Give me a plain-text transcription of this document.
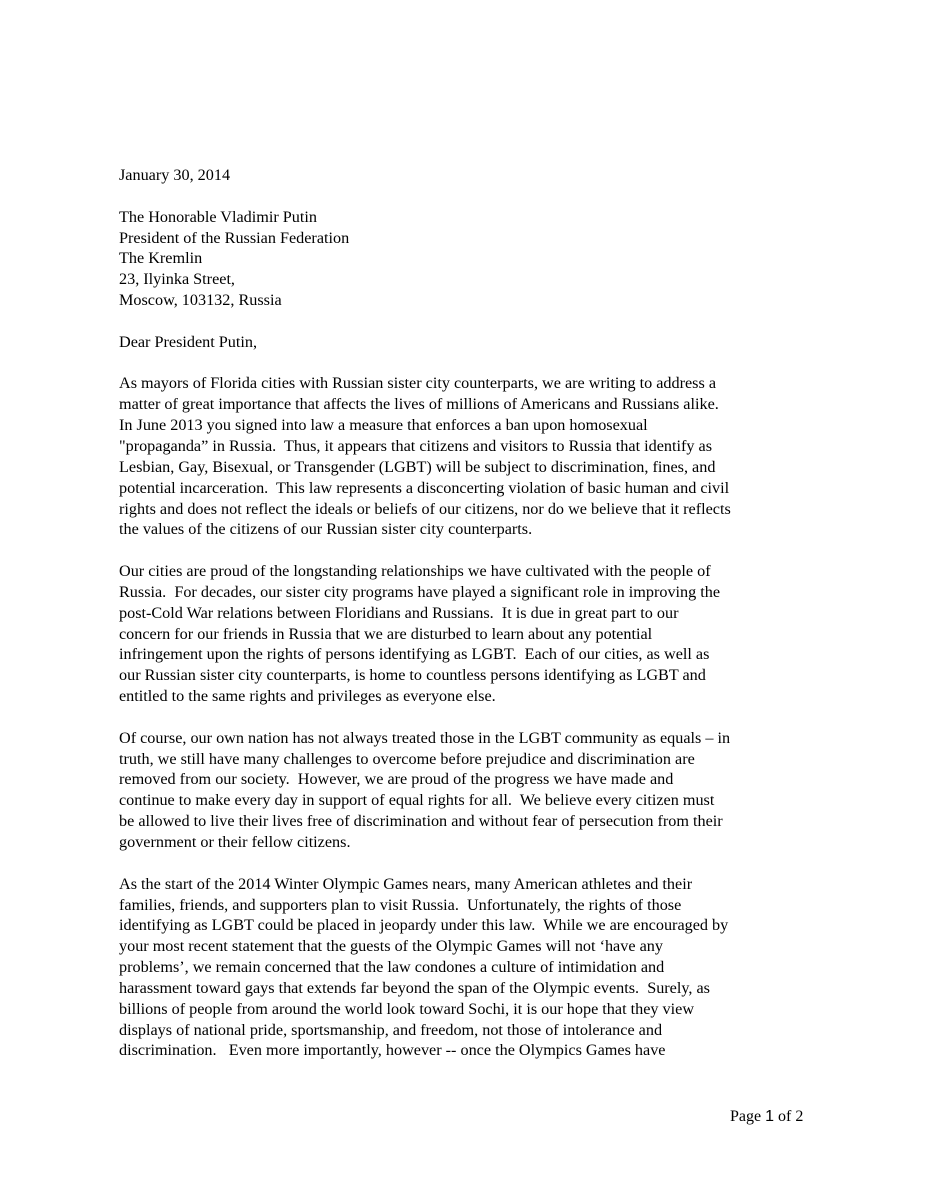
January 30, 2014
The Honorable Vladimir Putin
President of the Russian Federation
The Kremlin
23, Ilyinka Street,
Moscow, 103132, Russia
Dear President Putin,
As mayors of Florida cities with Russian sister city counterparts, we are writing to address a
matter of great importance that affects the lives of millions of Americans and Russians alike.
In June 2013 you signed into law a measure that enforces a ban upon homosexual
"propaganda” in Russia.  Thus, it appears that citizens and visitors to Russia that identify as
Lesbian, Gay, Bisexual, or Transgender (LGBT) will be subject to discrimination, fines, and
potential incarceration.  This law represents a disconcerting violation of basic human and civil
rights and does not reflect the ideals or beliefs of our citizens, nor do we believe that it reflects
the values of the citizens of our Russian sister city counterparts.
Our cities are proud of the longstanding relationships we have cultivated with the people of
Russia.  For decades, our sister city programs have played a significant role in improving the
post-Cold War relations between Floridians and Russians.  It is due in great part to our
concern for our friends in Russia that we are disturbed to learn about any potential
infringement upon the rights of persons identifying as LGBT.  Each of our cities, as well as
our Russian sister city counterparts, is home to countless persons identifying as LGBT and
entitled to the same rights and privileges as everyone else.
Of course, our own nation has not always treated those in the LGBT community as equals – in
truth, we still have many challenges to overcome before prejudice and discrimination are
removed from our society.  However, we are proud of the progress we have made and
continue to make every day in support of equal rights for all.  We believe every citizen must
be allowed to live their lives free of discrimination and without fear of persecution from their
government or their fellow citizens.
As the start of the 2014 Winter Olympic Games nears, many American athletes and their
families, friends, and supporters plan to visit Russia.  Unfortunately, the rights of those
identifying as LGBT could be placed in jeopardy under this law.  While we are encouraged by
your most recent statement that the guests of the Olympic Games will not ‘have any
problems’, we remain concerned that the law condones a culture of intimidation and
harassment toward gays that extends far beyond the span of the Olympic events.  Surely, as
billions of people from around the world look toward Sochi, it is our hope that they view
displays of national pride, sportsmanship, and freedom, not those of intolerance and
discrimination.   Even more importantly, however -- once the Olympics Games have
Page 1 of 2
